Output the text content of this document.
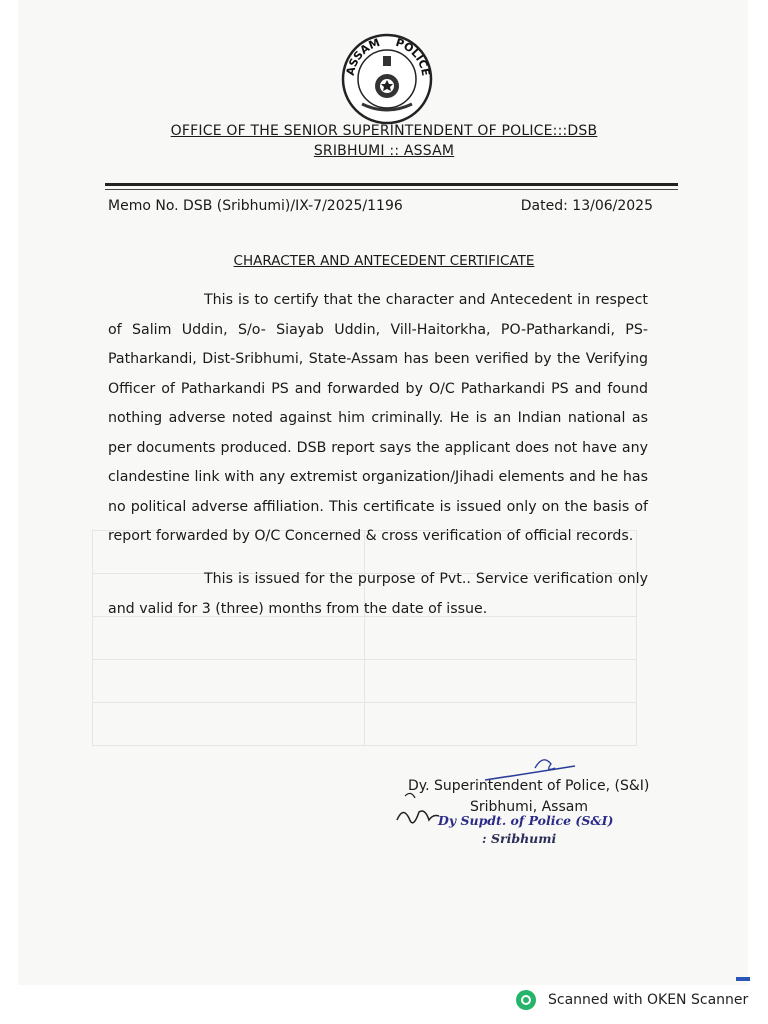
ASSAM POLICE
OFFICE OF THE SENIOR SUPERINTENDENT OF POLICE:::DSB
SRIBHUMI :: ASSAM
Memo No. DSB (Sribhumi)/IX-7/2025/1196	Dated: 13/06/2025
CHARACTER AND ANTECEDENT CERTIFICATE
This is to certify that the character and Antecedent in respect of Salim Uddin, S/o- Siayab Uddin, Vill-Haitorkha, PO-Patharkandi, PS-Patharkandi, Dist-Sribhumi, State-Assam has been verified by the Verifying Officer of Patharkandi PS and forwarded by O/C Patharkandi PS and found nothing adverse noted against him criminally. He is an Indian national as per documents produced. DSB report says the applicant does not have any clandestine link with any extremist organization/Jihadi elements and he has no political adverse affiliation. This certificate is issued only on the basis of report forwarded by O/C Concerned & cross verification of official records.
This is issued for the purpose of Pvt.. Service verification only and valid for 3 (three) months from the date of issue.
Dy. Superintendent of Police, (S&I)
Sribhumi, Assam
Dy Supdt. of Police (S&I)
: Sribhumi
Scanned with OKEN Scanner
